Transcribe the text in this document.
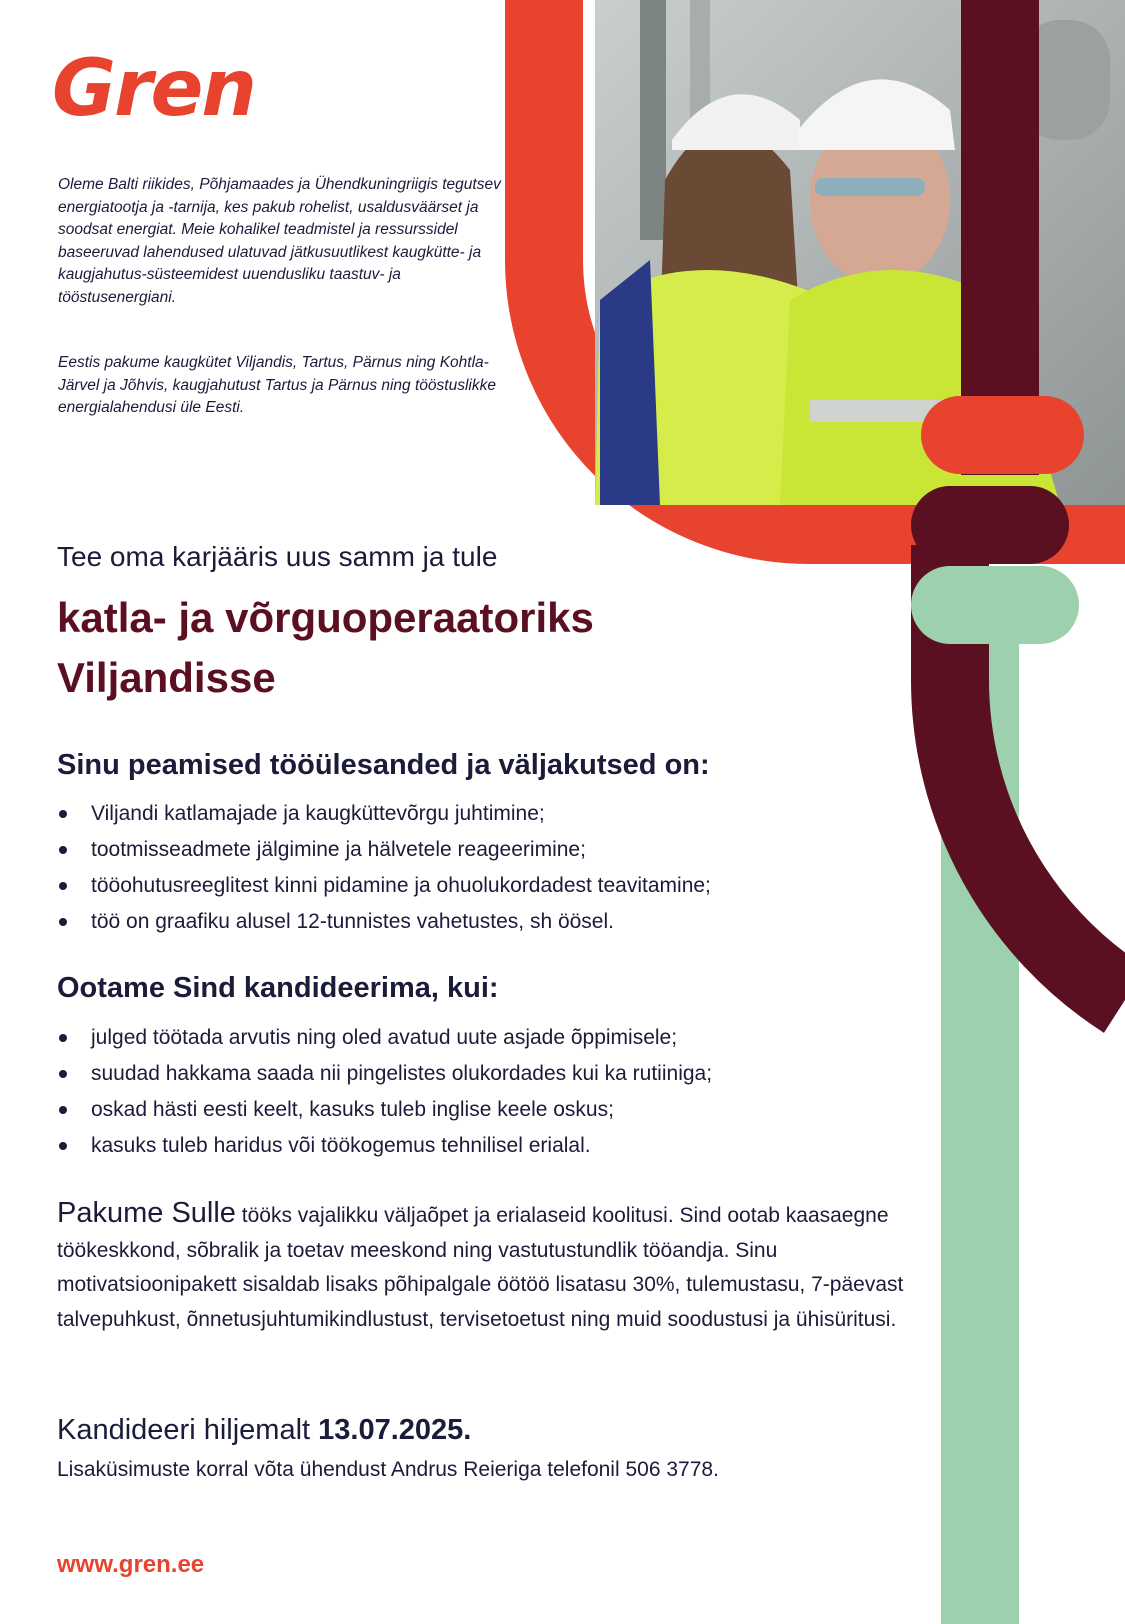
Gren

Oleme Balti riikides, Põhjamaades ja Ühendkuningriigis tegutsev energiatootja ja -tarnija, kes pakub rohelist, usaldusväärset ja soodsat energiat. Meie kohalikel teadmistel ja ressurssidel baseeruvad lahendused ulatuvad jätkusuutlikest kaugkütte- ja kaugjahutus-süsteemidest uuendusliku taastuv- ja tööstusenergiani.

Eestis pakume kaugkütet Viljandis, Tartus, Pärnus ning Kohtla-Järvel ja Jõhvis, kaugjahutust Tartus ja Pärnus ning tööstuslikke energialahendusi üle Eesti.

Tee oma karjääris uus samm ja tule

katla- ja võrguoperaatoriks
Viljandisse
Sinu peamised tööülesanded ja väljakutsed on:
Viljandi katlamajade ja kaugküttevõrgu juhtimine;
tootmisseadmete jälgimine ja hälvetele reageerimine;
tööohutusreeglitest kinni pidamine ja ohuolukordadest teavitamine;
töö on graafiku alusel 12-tunnistes vahetustes, sh öösel.
Ootame Sind kandideerima, kui:
julged töötada arvutis ning oled avatud uute asjade õppimisele;
suudad hakkama saada nii pingelistes olukordades kui ka rutiiniga;
oskad hästi eesti keelt, kasuks tuleb inglise keele oskus;
kasuks tuleb haridus või töökogemus tehnilisel erialal.

Pakume Sulle tööks vajalikku väljaõpet ja erialaseid koolitusi. Sind ootab kaasaegne töökeskkond, sõbralik ja toetav meeskond ning vastutustundlik tööandja. Sinu motivatsioonipakett sisaldab lisaks põhipalgale öötöö lisatasu 30%, tulemustasu, 7-päevast talvepuhkust, õnnetusjuhtumikindlustust, tervisetoetust ning muid soodustusi ja ühisüritusi.

Kandideeri hiljemalt 13.07.2025.

Lisaküsimuste korral võta ühendust Andrus Reieriga telefonil 506 3778.

www.gren.ee
